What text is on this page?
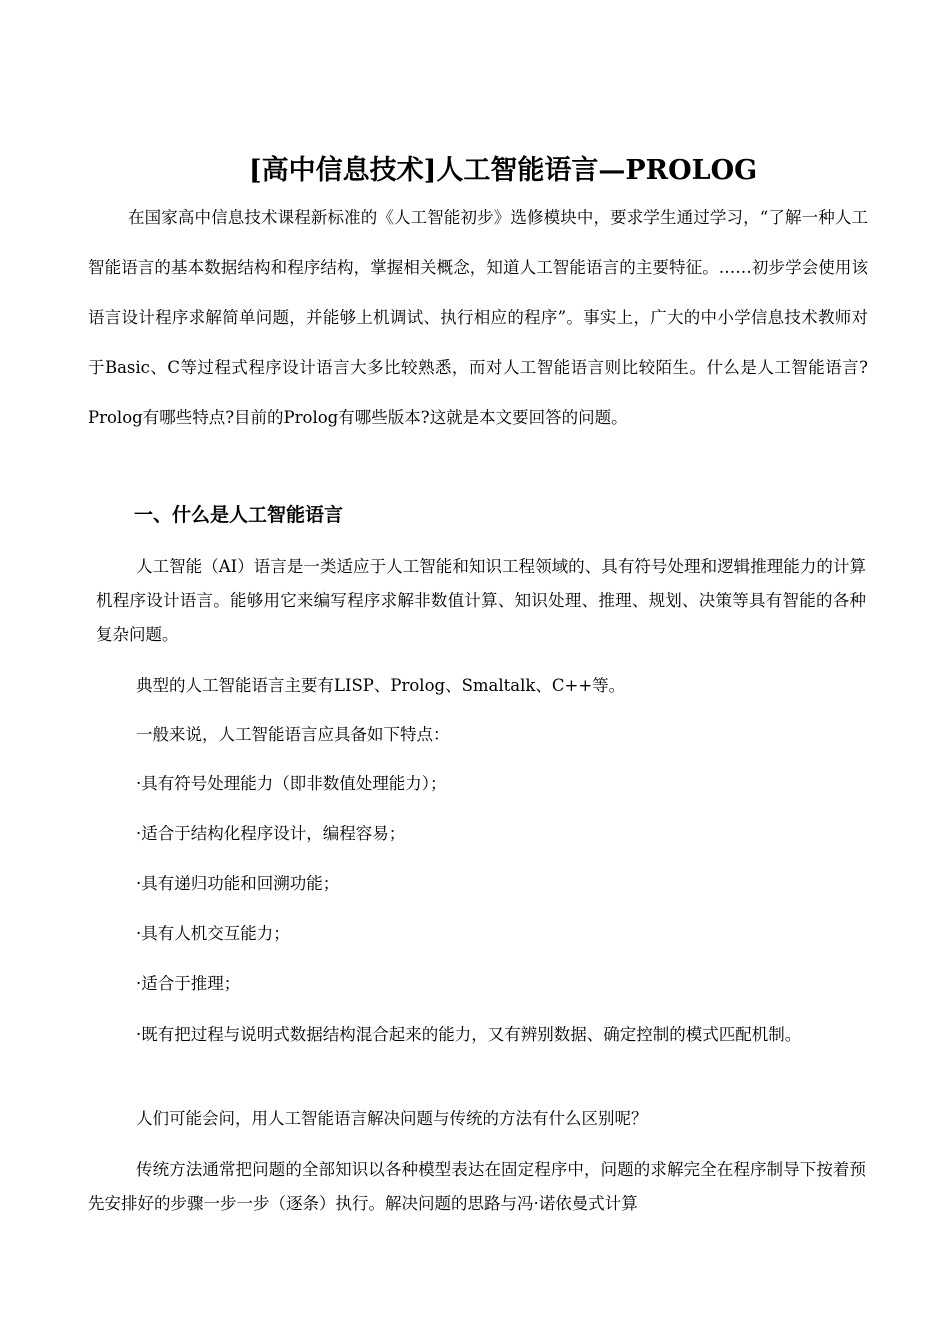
[高中信息技术]人工智能语言—PROLOG

在国家高中信息技术课程新标准的《人工智能初步》选修模块中，要求学生通过学习，“了解一种人工智能语言的基本数据结构和程序结构，掌握相关概念，知道人工智能语言的主要特征。……初步学会使用该语言设计程序求解简单问题，并能够上机调试、执行相应的程序”。事实上，广大的中小学信息技术教师对于Basic、C等过程式程序设计语言大多比较熟悉，而对人工智能语言则比较陌生。什么是人工智能语言? Prolog有哪些特点?目前的Prolog有哪些版本?这就是本文要回答的问题。

一、什么是人工智能语言

人工智能（AI）语言是一类适应于人工智能和知识工程领域的、具有符号处理和逻辑推理能力的计算机程序设计语言。能够用它来编写程序求解非数值计算、知识处理、推理、规划、决策等具有智能的各种复杂问题。

典型的人工智能语言主要有LISP、Prolog、Smaltalk、C++等。

一般来说，人工智能语言应具备如下特点：

·具有符号处理能力（即非数值处理能力）；

·适合于结构化程序设计，编程容易；

·具有递归功能和回溯功能；

·具有人机交互能力；

·适合于推理；

·既有把过程与说明式数据结构混合起来的能力，又有辨别数据、确定控制的模式匹配机制。

人们可能会问，用人工智能语言解决问题与传统的方法有什么区别呢？

传统方法通常把问题的全部知识以各种模型表达在固定程序中，问题的求解完全在程序制导下按着预先安排好的步骤一步一步（逐条）执行。解决问题的思路与冯·诺依曼式计算
